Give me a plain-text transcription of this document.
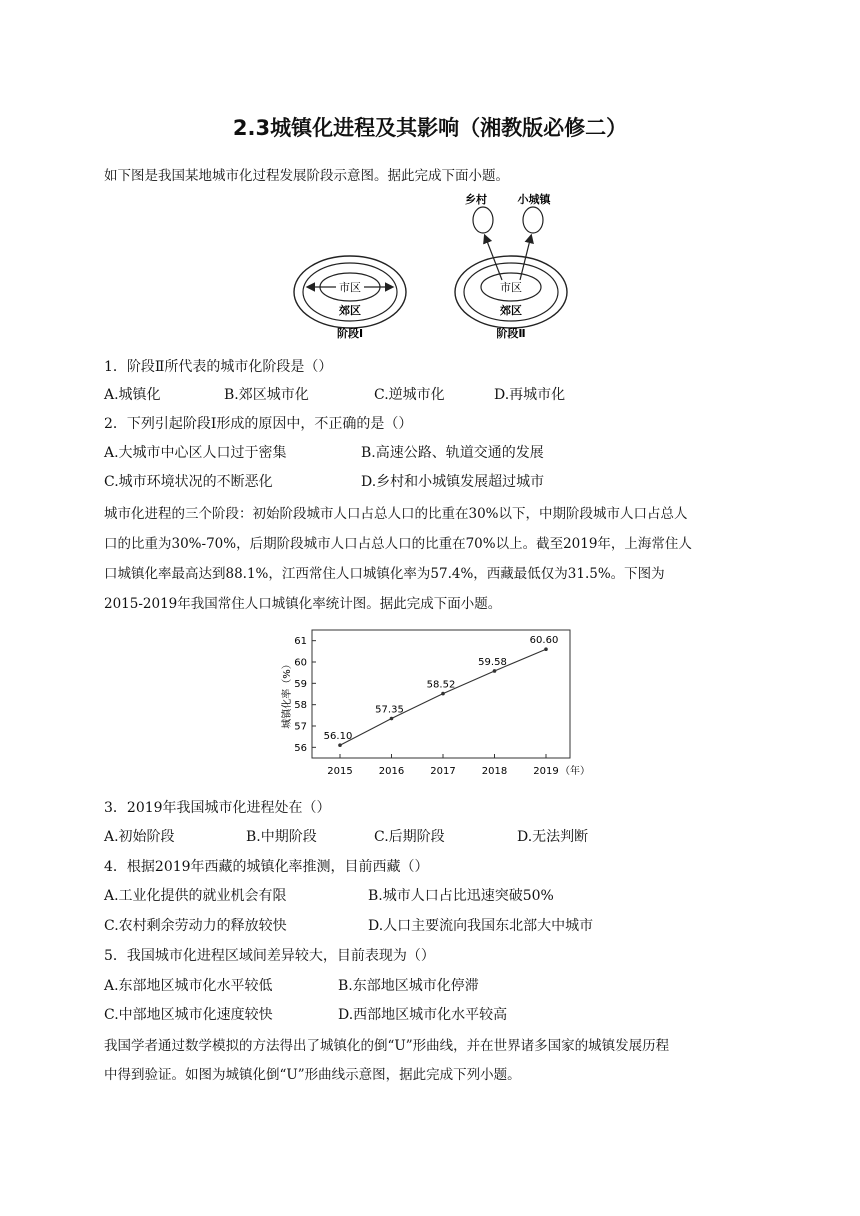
2.3城镇化进程及其影响（湘教版必修二）
如下图是我国某地城市化过程发展阶段示意图。据此完成下面小题。
市区
郊区
阶段Ⅰ
乡村	小城镇
市区
郊区
阶段Ⅱ
1．阶段Ⅱ所代表的城市化阶段是（）
A.城镇化	B.郊区城市化	C.逆城市化	D.再城市化
2．下列引起阶段Ⅰ形成的原因中，不正确的是（）
A.大城市中心区人口过于密集	B.高速公路、轨道交通的发展
C.城市环境状况的不断恶化	D.乡村和小城镇发展超过城市
城市化进程的三个阶段：初始阶段城市人口占总人口的比重在30%以下，中期阶段城市人口占总人
口的比重为30%-70%，后期阶段城市人口占总人口的比重在70%以上。截至2019年，上海常住人
口城镇化率最高达到88.1%，江西常住人口城镇化率为57.4%，西藏最低仅为31.5%。下图为
2015-2019年我国常住人口城镇化率统计图。据此完成下面小题。
城镇化率（%）
56
57
58
59
60
61
2015	2016	2017	2018	2019
56.10
57.35
58.52
59.58
60.60
（年）
3．2019年我国城市化进程处在（）
A.初始阶段	B.中期阶段	C.后期阶段	D.无法判断
4．根据2019年西藏的城镇化率推测，目前西藏（）
A.工业化提供的就业机会有限	B.城市人口占比迅速突破50%
C.农村剩余劳动力的释放较快	D.人口主要流向我国东北部大中城市
5．我国城市化进程区域间差异较大，目前表现为（）
A.东部地区城市化水平较低	B.东部地区城市化停滞
C.中部地区城市化速度较快	D.西部地区城市化水平较高
我国学者通过数学模拟的方法得出了城镇化的倒“U”形曲线，并在世界诸多国家的城镇发展历程
中得到验证。如图为城镇化倒“U”形曲线示意图，据此完成下列小题。
